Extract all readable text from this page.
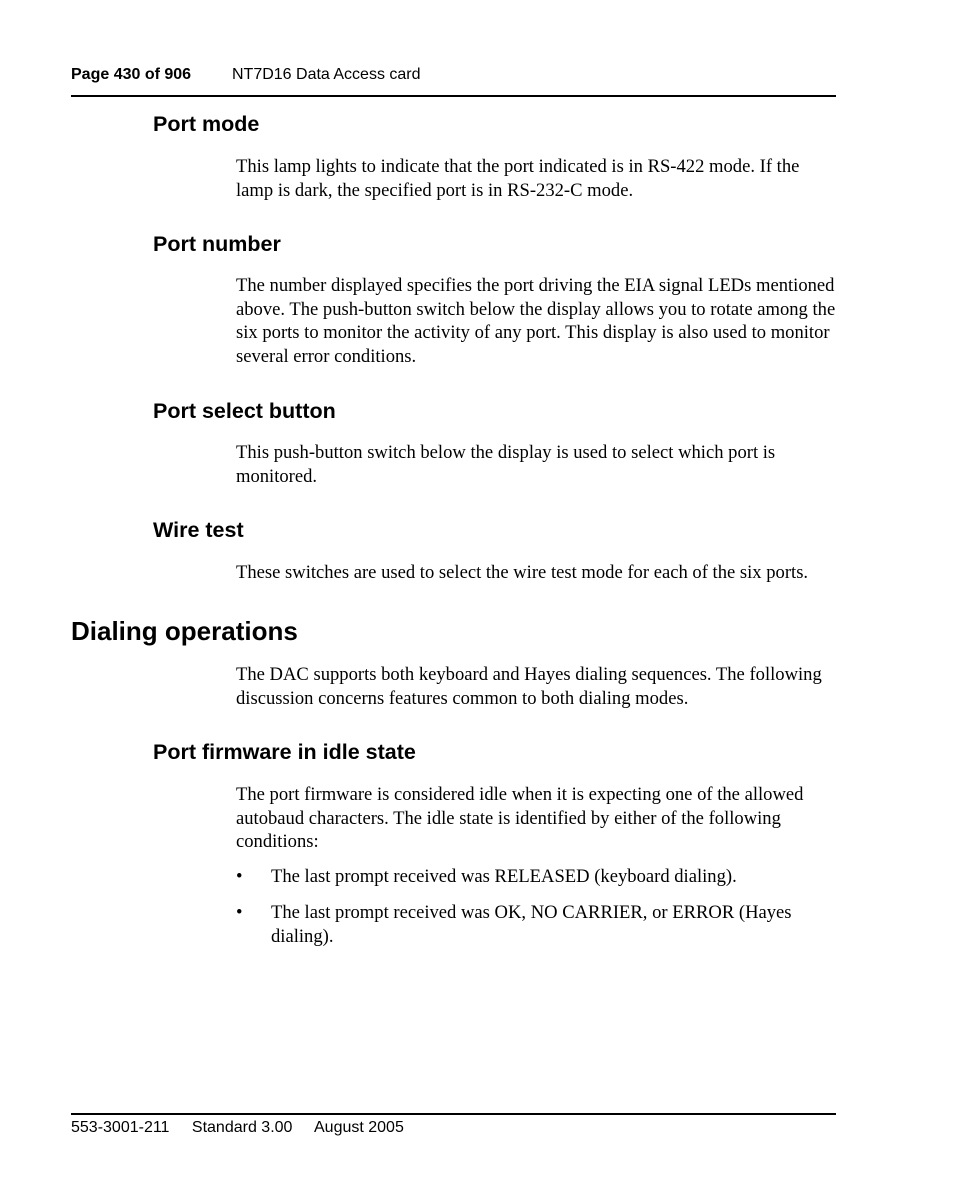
Page 430 of 906	NT7D16 Data Access card
Port mode

This lamp lights to indicate that the port indicated is in RS-422 mode. If the lamp is dark, the specified port is in RS-232-C mode.

Port number

The number displayed specifies the port driving the EIA signal LEDs mentioned above. The push-button switch below the display allows you to rotate among the six ports to monitor the activity of any port. This display is also used to monitor several error conditions.

Port select button

This push-button switch below the display is used to select which port is monitored.

Wire test

These switches are used to select the wire test mode for each of the six ports.

Dialing operations

The DAC supports both keyboard and Hayes dialing sequences. The following discussion concerns features common to both dialing modes.

Port firmware in idle state

The port firmware is considered idle when it is expecting one of the allowed autobaud characters. The idle state is identified by either of the following conditions:

• The last prompt received was RELEASED (keyboard dialing).

• The last prompt received was OK, NO CARRIER, or ERROR (Hayes dialing).

553-3001-211 Standard 3.00 August 2005
